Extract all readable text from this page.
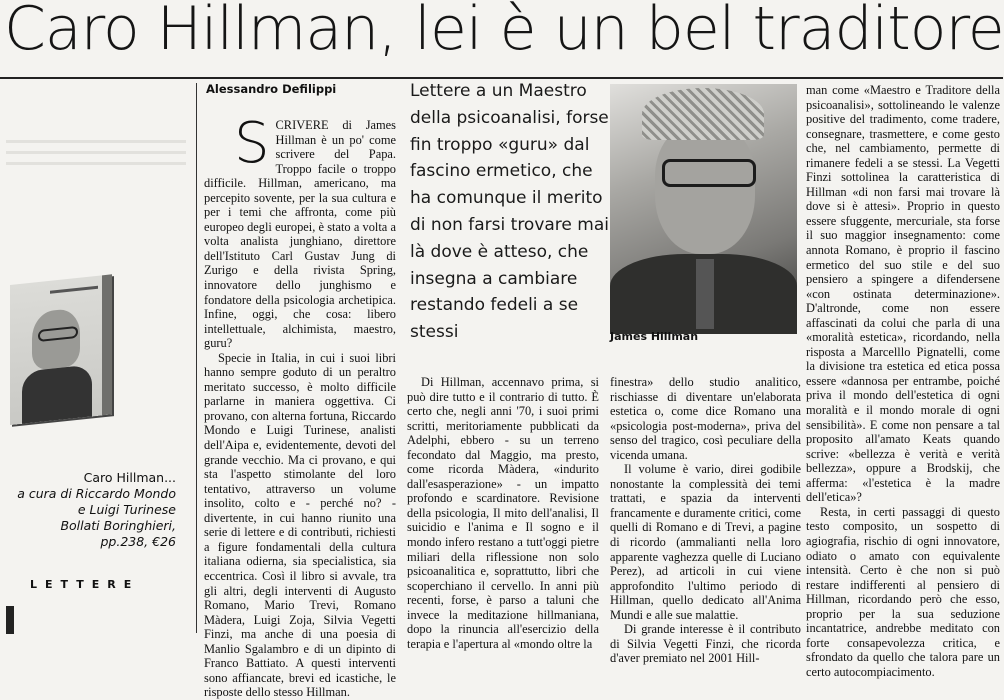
Caro Hillman, lei è un bel traditore
Caro Hillman...
a cura di Riccardo Mondo
e Luigi Turinese
Bollati Boringhieri,
pp.238, €26
LETTERE
Alessandro Defilippi
S CRIVERE di James Hillman è un po' come scrivere del Papa. Troppo facile o troppo difficile. Hillman, americano, ma percepito sovente, per la sua cultura e per i temi che affronta, come più europeo degli europei, è stato a volta a volta analista junghiano, direttore dell'Istituto Carl Gustav Jung di Zurigo e della rivista Spring, innovatore dello junghismo e fondatore della psicologia archetipica. Infine, oggi, che cosa: libero intellettuale, alchimista, maestro, guru?

Specie in Italia, in cui i suoi libri hanno sempre goduto di un peraltro meritato successo, è molto difficile parlarne in maniera oggettiva. Ci provano, con alterna fortuna, Riccardo Mondo e Luigi Turinese, analisti dell'Aipa e, evidentemente, devoti del grande vecchio. Ma ci provano, e qui sta l'aspetto stimolante del loro tentativo, attraverso un volume insolito, colto e - perché no? - divertente, in cui hanno riunito una serie di lettere e di contributi, richiesti a figure fondamentali della cultura italiana odierna, sia specialistica, sia eccentrica. Così il libro si avvale, tra gli altri, degli interventi di Augusto Romano, Mario Trevi, Romano Màdera, Luigi Zoja, Silvia Vegetti Finzi, ma anche di una poesia di Manlio Sgalambro e di un dipinto di Franco Battiato. A questi interventi sono affiancate, brevi ed icastiche, le risposte dello stesso Hillman.

Lettere a un Maestro della psicoanalisi, forse fin troppo «guru» dal fascino ermetico, che ha comunque il merito di non farsi trovare mai là dove è atteso, che insegna a cambiare restando fedeli a se stessi

Di Hillman, accennavo prima, si può dire tutto e il contrario di tutto. È certo che, negli anni '70, i suoi primi scritti, meritoriamente pubblicati da Adelphi, ebbero - su un terreno fecondato dal Maggio, ma presto, come ricorda Màdera, «indurito dall'esasperazione» - un impatto profondo e scardinatore. Revisione della psicologia, Il mito dell'analisi, Il suicidio e l'anima e Il sogno e il mondo infero restano a tutt'oggi pietre miliari della riflessione non solo psicoanalitica e, soprattutto, libri che scoperchiano il cervello. In anni più recenti, forse, è parso a taluni che invece la meditazione hillmaniana, dopo la rinuncia all'esercizio della terapia e l'apertura al «mondo oltre la

James Hillman

finestra» dello studio analitico, rischiasse di diventare un'elaborata estetica o, come dice Romano una «psicologia post-moderna», priva del senso del tragico, così peculiare della vicenda umana.

Il volume è vario, direi godibile nonostante la complessità dei temi trattati, e spazia da interventi francamente e duramente critici, come quelli di Romano e di Trevi, a pagine di ricordo (ammalianti nella loro apparente vaghezza quelle di Luciano Perez), ad articoli in cui viene approfondito l'ultimo periodo di Hillman, quello dedicato all'Anima Mundi e alle sue malattie.

Di grande interesse è il contributo di Silvia Vegetti Finzi, che ricorda d'aver premiato nel 2001 Hill-

man come «Maestro e Traditore della psicoanalisi», sottolineando le valenze positive del tradimento, come tradere, consegnare, trasmettere, e come gesto che, nel cambiamento, permette di rimanere fedeli a se stessi. La Vegetti Finzi sottolinea la caratteristica di Hillman «di non farsi mai trovare là dove si è attesi». Proprio in questo essere sfuggente, mercuriale, sta forse il suo maggior insegnamento: come annota Romano, è proprio il fascino ermetico del suo stile e del suo pensiero a spingere a difendersene «con ostinata determinazione». D'altronde, come non essere affascinati da colui che parla di una «moralità estetica», ricordando, nella risposta a Marcelllo Pignatelli, come la divisione tra estetica ed etica possa essere «dannosa per entrambe, poiché priva il mondo dell'estetica di ogni moralità e il mondo morale di ogni sensibilità». E come non pensare a tal proposito all'amato Keats quando scrive: «bellezza è verità e verità bellezza», oppure a Brodskij, che afferma: «l'estetica è la madre dell'etica»?

Resta, in certi passaggi di questo testo composito, un sospetto di agiografia, rischio di ogni innovatore, odiato o amato con equivalente intensità. Certo è che non si può restare indifferenti al pensiero di Hillman, ricordando però che esso, proprio per la sua seduzione incantatrice, andrebbe meditato con forte consapevolezza critica, e sfrondato da quello che talora pare un certo autocompiacimento.
